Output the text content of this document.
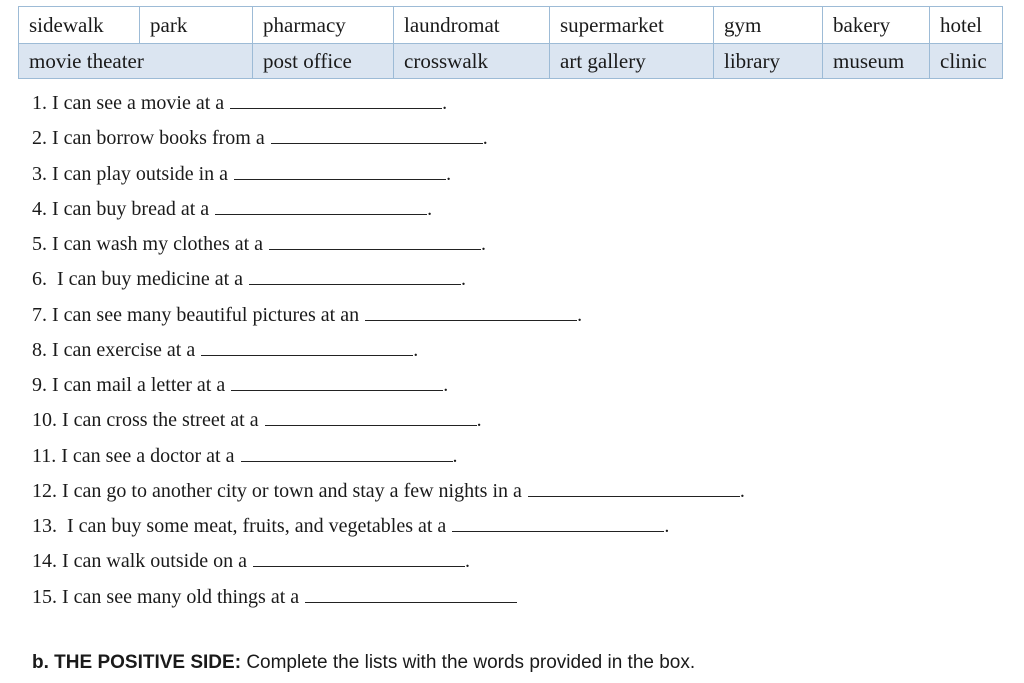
sidewalk	park	pharmacy	laundromat	supermarket	gym	bakery	hotel
movie theater		post office	crosswalk	art gallery	library	museum	clinic
1. I can see a movie at a	.
2. I can borrow books from a	.
3. I can play outside in a	.
4. I can buy bread at a	.
5. I can wash my clothes at a	.
6.  I can buy medicine at a	.
7. I can see many beautiful pictures at an	.
8. I can exercise at a	.
9. I can mail a letter at a	.
10. I can cross the street at a	.
11. I can see a doctor at a	.
12. I can go to another city or town and stay a few nights in a	.
13.  I can buy some meat, fruits, and vegetables at a	.
14. I can walk outside on a	.
15. I can see many old things at a
b. THE POSITIVE SIDE: Complete the lists with the words provided in the box.
